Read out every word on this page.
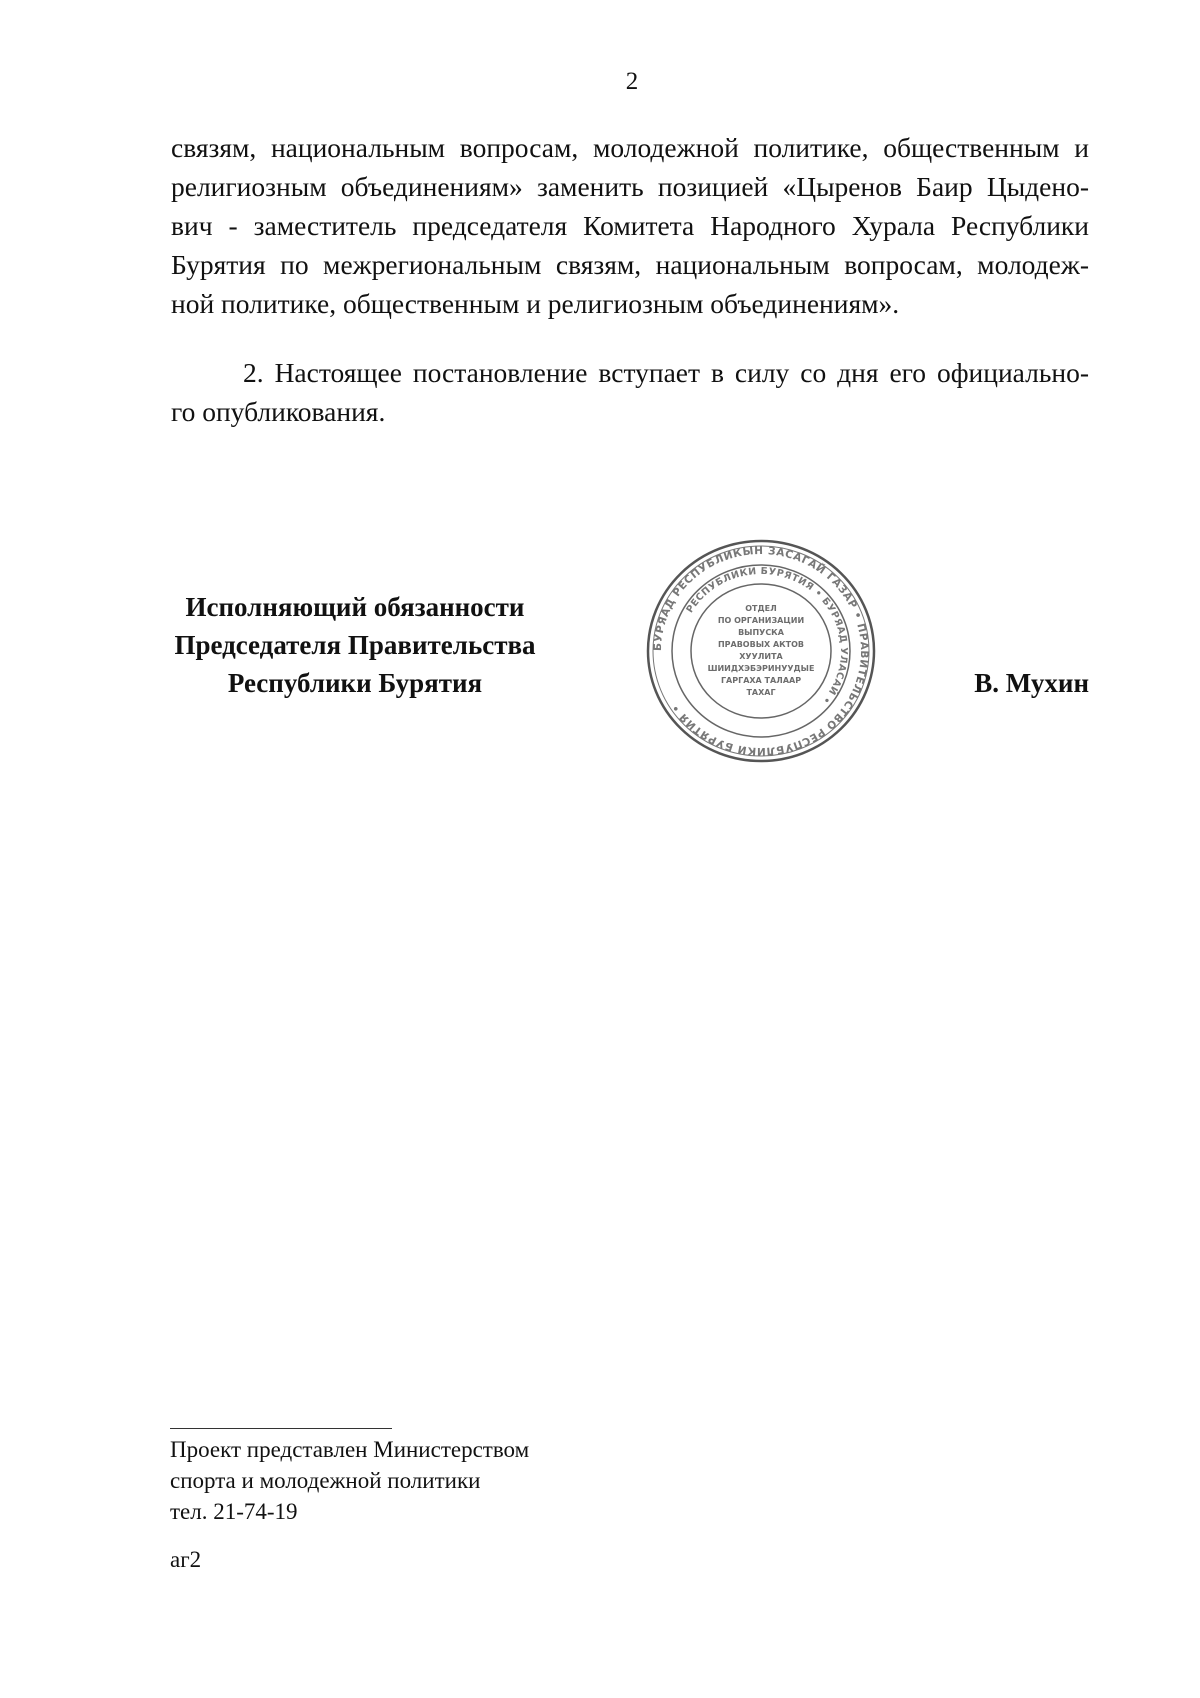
2
связям, национальным вопросам, молодежной политике, общественным и
религиозным объединениям» заменить позицией «Цыренов Баир Цыдено-
вич - заместитель председателя Комитета Народного Хурала Республики
Бурятия по межрегиональным связям, национальным вопросам, молодеж-
ной политике, общественным и религиозным объединениям».
2. Настоящее постановление вступает в силу со дня его официально-
го опубликования.
Исполняющий обязанности
Председателя Правительства
Республики Бурятия
БУРЯАД РЕСПУБЛИКЫН ЗАСАГАЙ ГАЗАР • ПРАВИТЕЛЬСТВО РЕСПУБЛИКИ БУРЯТИЯ •
РЕСПУБЛИКИ БУРЯТИЯ • БУРЯАД УЛАСАЙ •
ОТДЕЛ
ПО ОРГАНИЗАЦИИ
ВЫПУСКА
ПРАВОВЫХ АКТОВ
ХУУЛИТА
ШИИДХЭБЭРИНУУДЫЕ
ГАРГАХА ТАЛААР
ТАХАГ	В. Мухин
Проект представлен Министерством
спорта и молодежной политики
тел. 21-74-19
аг2
